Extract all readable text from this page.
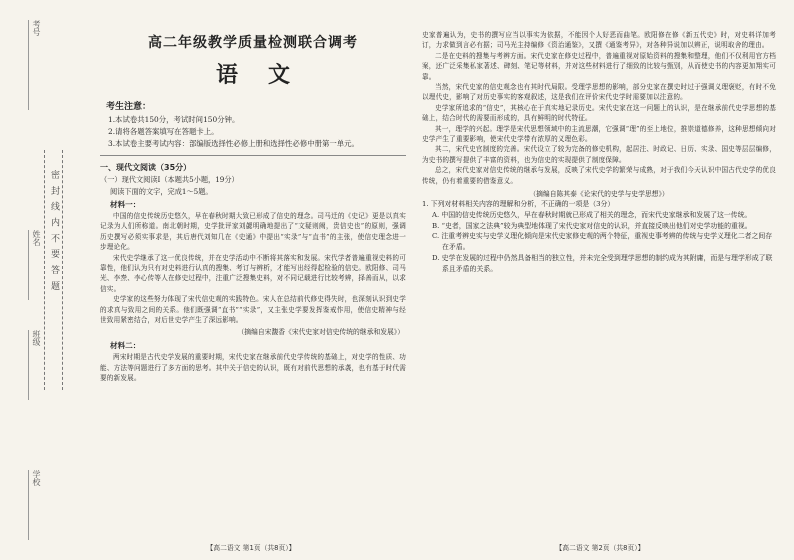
考号
姓名
班级
学校
密 封 线 内 不 要 答 题
高二年级教学质量检测联合调考
语文
考生注意：

1.本试卷共150分，考试时间150分钟。

2.请将各题答案填写在答题卡上。

3.本试卷主要考试内容：部编版选择性必修上册和选择性必修中册第一单元。

一、现代文阅读（35分）
（一）现代文阅读Ⅰ（本题共5小题，19分）
阅读下面的文字，完成1～5题。
材料一：

中国的信史传统历史悠久，早在春秋时期大致已形成了信史的理念。司马迁的《史记》更是以真实记录为人们所称道。南北朝时期，史学批评家刘勰明确地提出了“文疑则阙，贵信史也”的原则，强调历史撰写必须实事求是，其后唐代刘知几在《史通》中提出“实录”与“直书”的主张，使信史理念进一步理论化。

宋代史学继承了这一优良传统，并在史学活动中不断将其落实和发展。宋代学者普遍重视史料的可靠性，他们认为只有对史料进行认真的搜集、考订与辨析，才能写出经得起检验的信史。欧阳修、司马光、李焘、李心传等人在修史过程中，注重广泛搜集史料，对不同记载进行比较考辨，择善而从，以求信实。

史学家的这些努力体现了宋代信史观的实践特色。宋人在总结前代修史得失时，也深刻认识到史学的求真与致用之间的关系。他们既强调“直书”“实录”，又主张史学要发挥鉴戒作用，使信史精神与经世致用紧密结合，对后世史学产生了深远影响。

（摘编自宋馥香《宋代史家对信史传统的继承和发展》）
材料二：

两宋时期是古代史学发展的重要时期，宋代史家在继承前代史学传统的基础上，对史学的性质、功能、方法等问题进行了多方面的思考。其中关于信史的认识，既有对前代思想的承袭，也有基于时代需要的新发展。

【高二语文 第1页（共8页）】

史家普遍认为，史书的撰写应当以事实为依据，不能因个人好恶而曲笔。欧阳修在修《新五代史》时，对史料详加考订，力求做到言必有据；司马光主持编修《资治通鉴》，又撰《通鉴考异》，对各种异说加以辨正，说明取舍的理由。

二是在史料的搜集与考辨方面。宋代史家在修史过程中，普遍重视对原始资料的搜集和整理，他们不仅利用官方档案，还广泛采集私家著述、碑刻、笔记等材料，并对这些材料进行了细致的比较与甄别，从而使史书的内容更加翔实可靠。

当然，宋代史家的信史观念也有其时代局限。受理学思想的影响，部分史家在撰史时过于强调义理褒贬，有时不免以理代史，影响了对历史事实的客观叙述，这是我们在评价宋代史学时需要加以注意的。

史学家所追求的“信史”，其核心在于真实地记录历史。宋代史家在这一问题上的认识，是在继承前代史学思想的基础上，结合时代的需要而形成的，具有鲜明的时代特征。

其一，理学的兴起。理学是宋代思想领域中的主流思潮，它强调“理”的至上地位，推崇道德修养，这种思想倾向对史学产生了重要影响，使宋代史学带有浓厚的义理色彩。

其二，宋代史官制度的完善。宋代设立了较为完备的修史机构，起居注、时政记、日历、实录、国史等层层编修，为史书的撰写提供了丰富的资料，也为信史的实现提供了制度保障。

总之，宋代史家对信史传统的继承与发展，反映了宋代史学的繁荣与成熟，对于我们今天认识中国古代史学的优良传统，仍有着重要的借鉴意义。

（摘编自陈其泰《论宋代的史学与史学思想》）
1. 下列对材料相关内容的理解和分析，不正确的一项是（3分）
A. 中国的信史传统历史悠久，早在春秋时期就已形成了相关的理念，而宋代史家继承和发展了这一传统。
B. “史者，国家之法典”较为典型地体现了宋代史家对信史的认识，并直接反映出他们对史学功能的重视。
C. 注重考辨史实与史学义理化倾向是宋代史家修史观的两个特征，重视史事考辨的传统与史学义理化二者之间存在矛盾。
D. 史学在发展的过程中仍然具备相当的独立性，并未完全受到理学思想的制约成为其附庸，而是与理学形成了联系且矛盾的关系。
【高二语文 第2页（共8页）】
